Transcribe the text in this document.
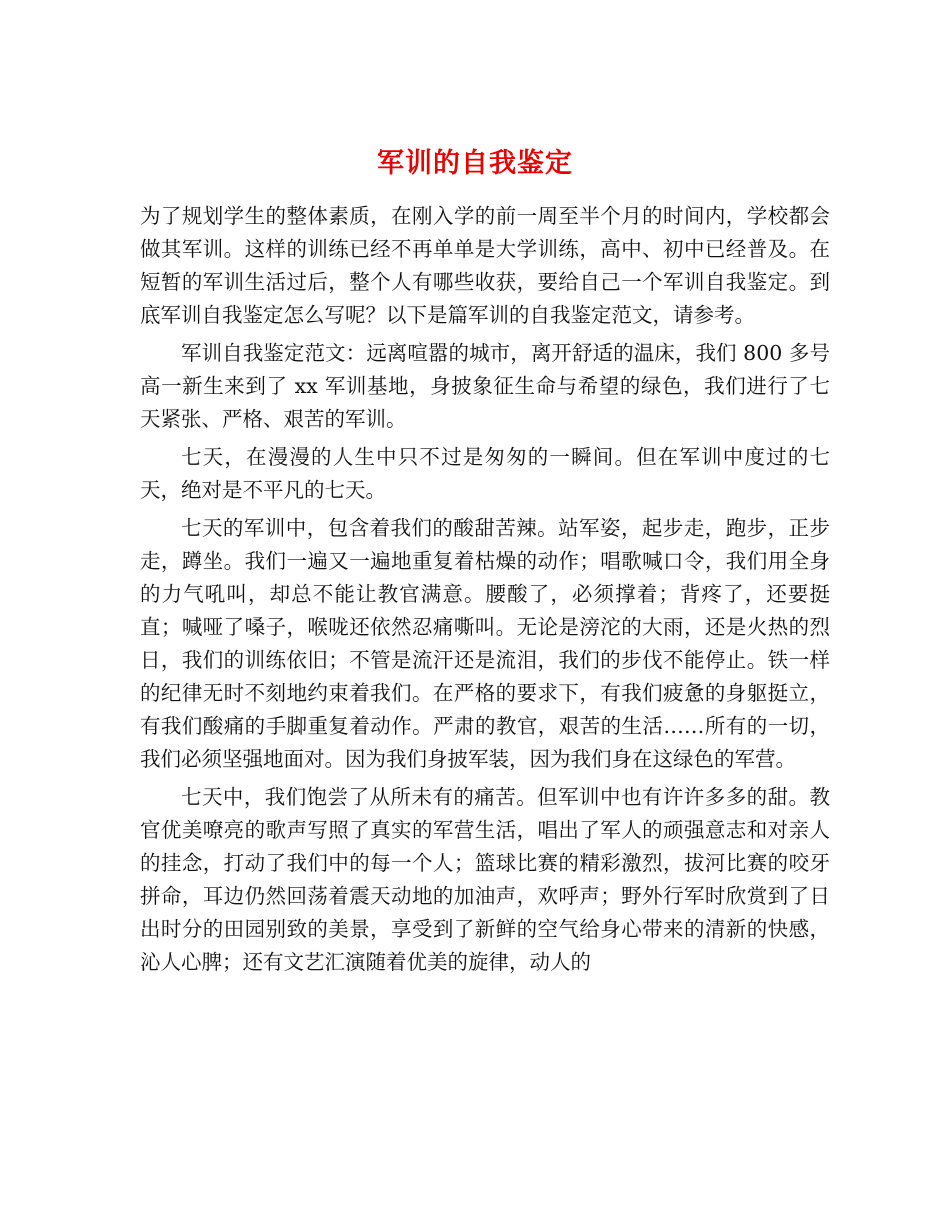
军训的自我鉴定

为了规划学生的整体素质，在刚入学的前一周至半个月的时间内，学校都会做其军训。这样的训练已经不再单单是大学训练，高中、初中已经普及。在短暂的军训生活过后，整个人有哪些收获，要给自己一个军训自我鉴定。到底军训自我鉴定怎么写呢？以下是篇军训的自我鉴定范文，请参考。

军训自我鉴定范文：远离喧嚣的城市，离开舒适的温床，我们 800 多号高一新生来到了 xx 军训基地，身披象征生命与希望的绿色，我们进行了七天紧张、严格、艰苦的军训。

七天，在漫漫的人生中只不过是匆匆的一瞬间。但在军训中度过的七天，绝对是不平凡的七天。

七天的军训中，包含着我们的酸甜苦辣。站军姿，起步走，跑步，正步走，蹲坐。我们一遍又一遍地重复着枯燥的动作；唱歌喊口令，我们用全身的力气吼叫，却总不能让教官满意。腰酸了，必须撑着；背疼了，还要挺直；喊哑了嗓子，喉咙还依然忍痛嘶叫。无论是滂沱的大雨，还是火热的烈日，我们的训练依旧；不管是流汗还是流泪，我们的步伐不能停止。铁一样的纪律无时不刻地约束着我们。在严格的要求下，有我们疲惫的身躯挺立，有我们酸痛的手脚重复着动作。严肃的教官，艰苦的生活……所有的一切，我们必须坚强地面对。因为我们身披军装，因为我们身在这绿色的军营。

七天中，我们饱尝了从所未有的痛苦。但军训中也有许许多多的甜。教官优美嘹亮的歌声写照了真实的军营生活，唱出了军人的顽强意志和对亲人的挂念，打动了我们中的每一个人；篮球比赛的精彩激烈，拔河比赛的咬牙拼命，耳边仍然回荡着震天动地的加油声，欢呼声；野外行军时欣赏到了日出时分的田园别致的美景，享受到了新鲜的空气给身心带来的清新的快感，沁人心脾；还有文艺汇演随着优美的旋律，动人的
